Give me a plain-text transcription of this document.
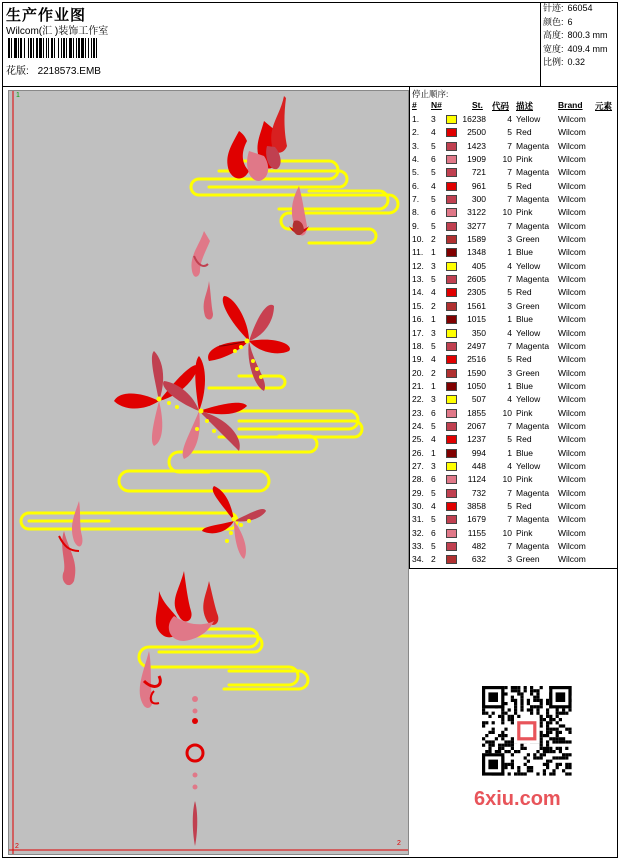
生产作业图
Wilcom(汇 )装饰工作室
花版: 2218573.EMB
针迹: 66054
颜色: 6
高度: 800.3 mm
宽度: 409.4 mm
比例: 0.32
1
2	2
停止顺序:
# N#	St. 代码 描述	Brand 元素
1. 3	16238	4 Yellow Wilcom
2. 4	2500	5 Red	Wilcom
3. 5	1423	7 Magenta Wilcom
4. 6	1909	10 Pink	Wilcom
5. 5	721	7 Magenta Wilcom
6. 4	961	5 Red	Wilcom
7. 5	300	7 Magenta Wilcom
8. 6	3122	10 Pink	Wilcom
9. 5	3277	7 Magenta Wilcom
10. 2	1589	3 Green Wilcom
11. 1	1348	1 Blue	Wilcom
12. 3	405	4 Yellow Wilcom
13. 5	2605	7 Magenta Wilcom
14. 4	2305	5 Red	Wilcom
15. 2	1561	3 Green Wilcom
16. 1	1015	1 Blue	Wilcom
17. 3	350	4 Yellow Wilcom
18. 5	2497	7 Magenta Wilcom
19. 4	2516	5 Red	Wilcom
20. 2	1590	3 Green Wilcom
21. 1	1050	1 Blue	Wilcom
22. 3	507	4 Yellow Wilcom
23. 6	1855	10 Pink	Wilcom
24. 5	2067	7 Magenta Wilcom
25. 4	1237	5 Red	Wilcom
26. 1	994	1 Blue	Wilcom
27. 3	448	4 Yellow Wilcom
28. 6	1124	10 Pink	Wilcom
29. 5	732	7 Magenta Wilcom
30. 4	3858	5 Red	Wilcom
31. 5	1679	7 Magenta Wilcom
32. 6	1155	10 Pink	Wilcom
33. 5	482	7 Magenta Wilcom
34. 2	632	3 Green Wilcom
6xiu.com
